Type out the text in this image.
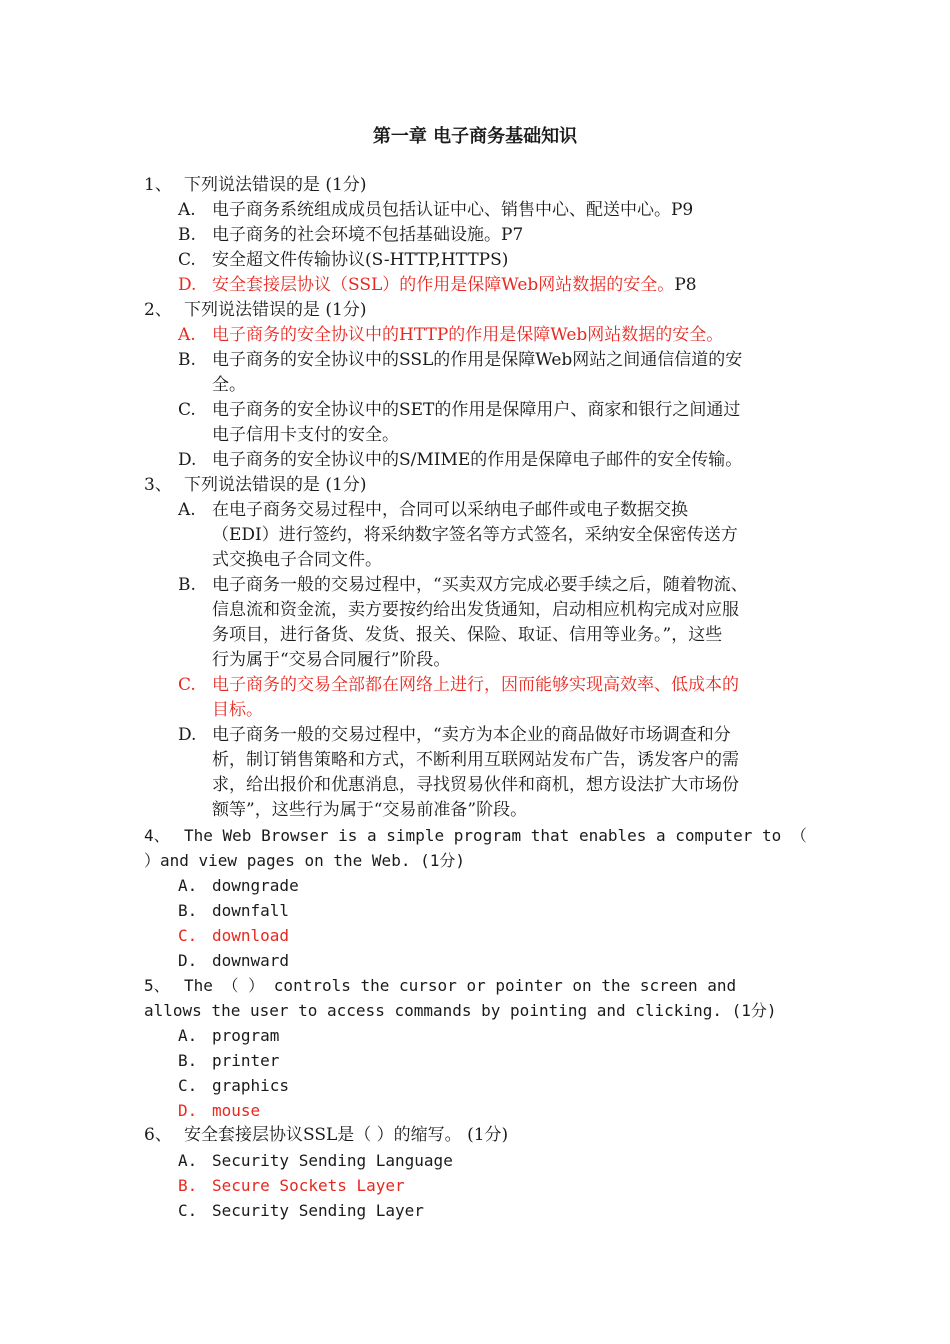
第一章 电子商务基础知识
1、 下列说法错误的是 (1分)
A. 电子商务系统组成成员包括认证中心、销售中心、配送中心。P9
B. 电子商务的社会环境不包括基础设施。P7
C. 安全超文件传输协议(S-HTTP,HTTPS)
D. 安全套接层协议（SSL）的作用是保障Web网站数据的安全。P8
2、 下列说法错误的是 (1分)
A. 电子商务的安全协议中的HTTP的作用是保障Web网站数据的安全。
B. 电子商务的安全协议中的SSL的作用是保障Web网站之间通信信道的安
全。
C. 电子商务的安全协议中的SET的作用是保障用户、商家和银行之间通过
电子信用卡支付的安全。
D. 电子商务的安全协议中的S/MIME的作用是保障电子邮件的安全传输。
3、 下列说法错误的是 (1分)
A. 在电子商务交易过程中，合同可以采纳电子邮件或电子数据交换
（EDI）进行签约，将采纳数字签名等方式签名，采纳安全保密传送方
式交换电子合同文件。
B. 电子商务一般的交易过程中，“买卖双方完成必要手续之后，随着物流、
信息流和资金流，卖方要按约给出发货通知，启动相应机构完成对应服
务项目，进行备货、发货、报关、保险、取证、信用等业务。”，这些
行为属于“交易合同履行”阶段。
C. 电子商务的交易全部都在网络上进行，因而能够实现高效率、低成本的
目标。
D. 电子商务一般的交易过程中，“卖方为本企业的商品做好市场调查和分
析，制订销售策略和方式，不断利用互联网站发布广告，诱发客户的需
求，给出报价和优惠消息，寻找贸易伙伴和商机，想方设法扩大市场份
额等”，这些行为属于“交易前准备”阶段。
4、 The Web Browser is a simple program that enables a computer to （
）and view pages on the Web. (1分)
A. downgrade
B. downfall
C. download
D. downward
5、 The （ ） controls the cursor or pointer on the screen and
allows the user to access commands by pointing and clicking. (1分)
A. program
B. printer
C. graphics
D. mouse
6、 安全套接层协议SSL是（ ）的缩写。 (1分)
A. Security Sending Language
B. Secure Sockets Layer
C. Security Sending Layer
